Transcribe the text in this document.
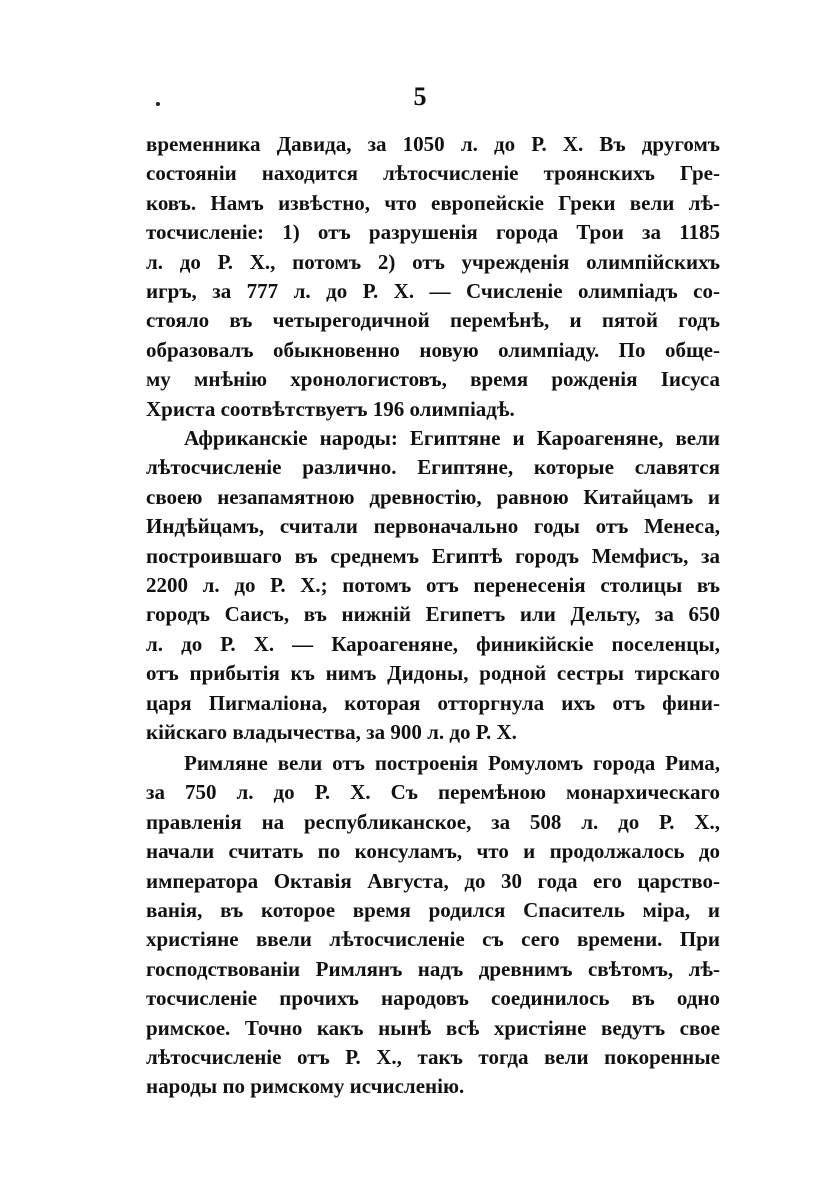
5
временника Давида, за 1050 л. до Р. Х. Въ другомъ
состоянiи находится лѣтосчисленiе троянскихъ Гре-
ковъ. Намъ извѣстно, что европейскiе Греки вели лѣ-
тосчисленiе: 1) отъ разрушенiя города Трои за 1185
л. до Р. Х., потомъ 2) отъ учрежденiя олимпiйскихъ
игръ, за 777 л. до Р. Х. — Счисленiе олимпiадъ со-
стояло въ четырегодичной перемѣнѣ, и пятой годъ
образовалъ обыкновенно новую олимпiаду. По обще-
му мнѣнiю хронологистовъ, время рожденiя Iисуса
Христа соотвѣтствуетъ 196 олимпiадѣ.
Африканскiе народы: Египтяне и Кароагеняне, вели
лѣтосчисленiе различно. Египтяне, которые славятся
своею незапамятною древностiю, равною Китайцамъ и
Индѣйцамъ, считали первоначально годы отъ Менеса,
построившаго въ среднемъ Египтѣ городъ Мемфисъ, за
2200 л. до Р. Х.; потомъ отъ перенесенiя столицы въ
городъ Саисъ, въ нижнiй Египетъ или Дельту, за 650
л. до Р. Х. — Кароагеняне, финикiйскiе поселенцы,
отъ прибытiя къ нимъ Дидоны, родной сестры тирскаго
царя Пигмалiона, которая отторгнула ихъ отъ фини-
кiйскаго владычества, за 900 л. до Р. Х.
Римляне вели отъ построенiя Ромуломъ города Рима,
за 750 л. до Р. Х. Съ перемѣною монархическаго
правленiя на республиканское, за 508 л. до Р. Х.,
начали считать по консуламъ, что и продолжалось до
императора Октавiя Августа, до 30 года его царство-
ванiя, въ которое время родился Спаситель мiра, и
христiяне ввели лѣтосчисленiе съ сего времени. При
господствованiи Римлянъ надъ древнимъ свѣтомъ, лѣ-
тосчисленiе прочихъ народовъ соединилось въ одно
римское. Точно какъ нынѣ всѣ христiяне ведутъ свое
лѣтосчисленiе отъ Р. Х., такъ тогда вели покоренные
народы по римскому исчисленiю.
